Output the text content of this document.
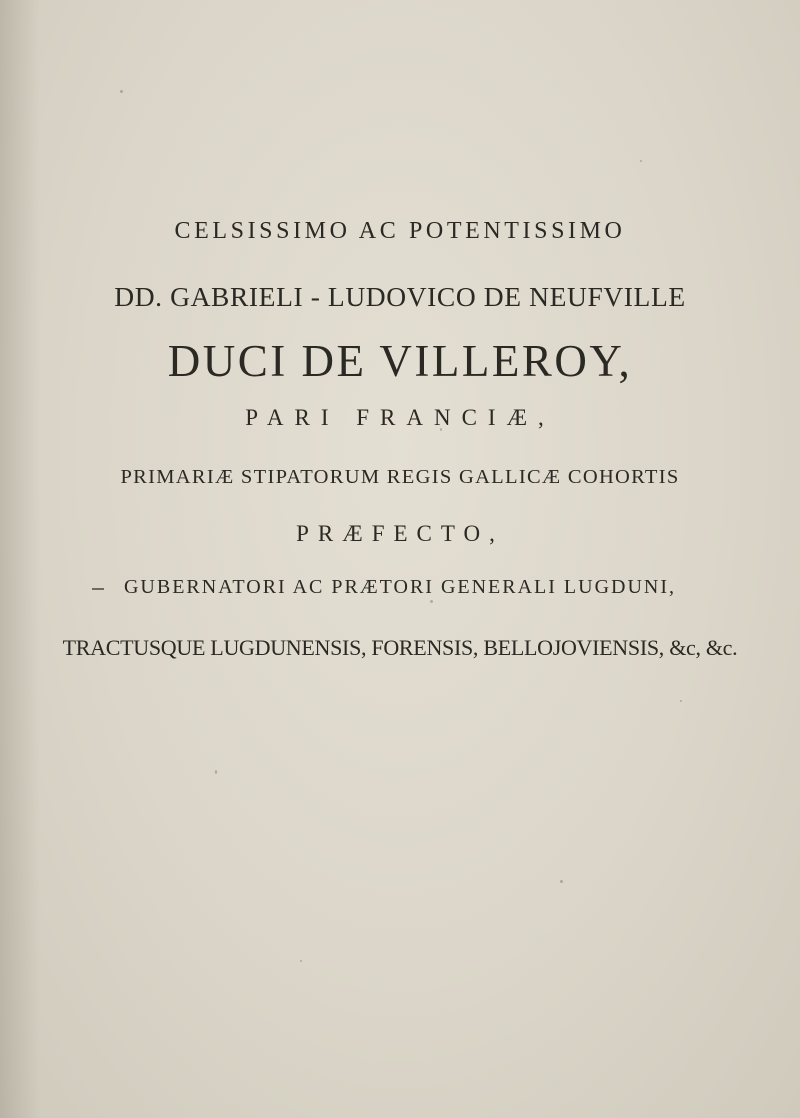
CELSISSIMO AC POTENTISSIMO
DD. GABRIELI - LUDOVICO DE NEUFVILLE
DUCI DE VILLEROY,
PARI FRANCIÆ,
PRIMARIÆ STIPATORUM REGIS GALLICÆ COHORTIS
PRÆFECTO,
GUBERNATORI AC PRÆTORI GENERALI LUGDUNI,
TRACTUSQUE LUGDUNENSIS, FORENSIS, BELLOJOVIENSIS, &c, &c.
